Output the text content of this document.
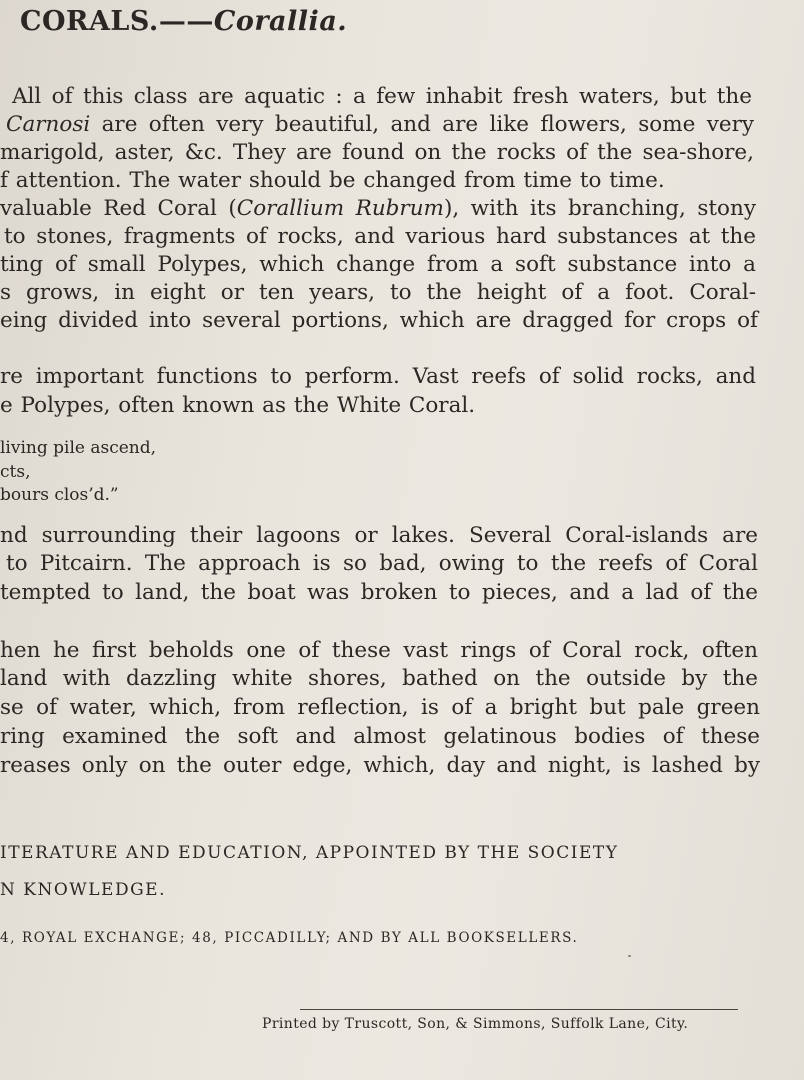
CORALS.——Corallia.

All of this class are aquatic : a few inhabit fresh waters, but the

Carnosi are often very beautiful, and are like flowers, some very

marigold, aster, &c. They are found on the rocks of the sea-shore,

f attention. The water should be changed from time to time.

valuable Red Coral (Corallium Rubrum), with its branching, stony

to stones, fragments of rocks, and various hard substances at the

ting of small Polypes, which change from a soft substance into a

s grows, in eight or ten years, to the height of a foot. Coral-

eing divided into several portions, which are dragged for crops of

re important functions to perform. Vast reefs of solid rocks, and

e Polypes, often known as the White Coral.

living pile ascend,

cts,

bours clos’d.”

nd surrounding their lagoons or lakes. Several Coral-islands are

to Pitcairn. The approach is so bad, owing to the reefs of Coral

tempted to land, the boat was broken to pieces, and a lad of the

hen he first beholds one of these vast rings of Coral rock, often

land with dazzling white shores, bathed on the outside by the

se of water, which, from reflection, is of a bright but pale green

ring examined the soft and almost gelatinous bodies of these

reases only on the outer edge, which, day and night, is lashed by

ITERATURE AND EDUCATION, APPOINTED BY THE SOCIETY

N KNOWLEDGE.

4, ROYAL EXCHANGE; 48, PICCADILLY; AND BY ALL BOOKSELLERS.

Printed by Truscott, Son, & Simmons, Suffolk Lane, City.
